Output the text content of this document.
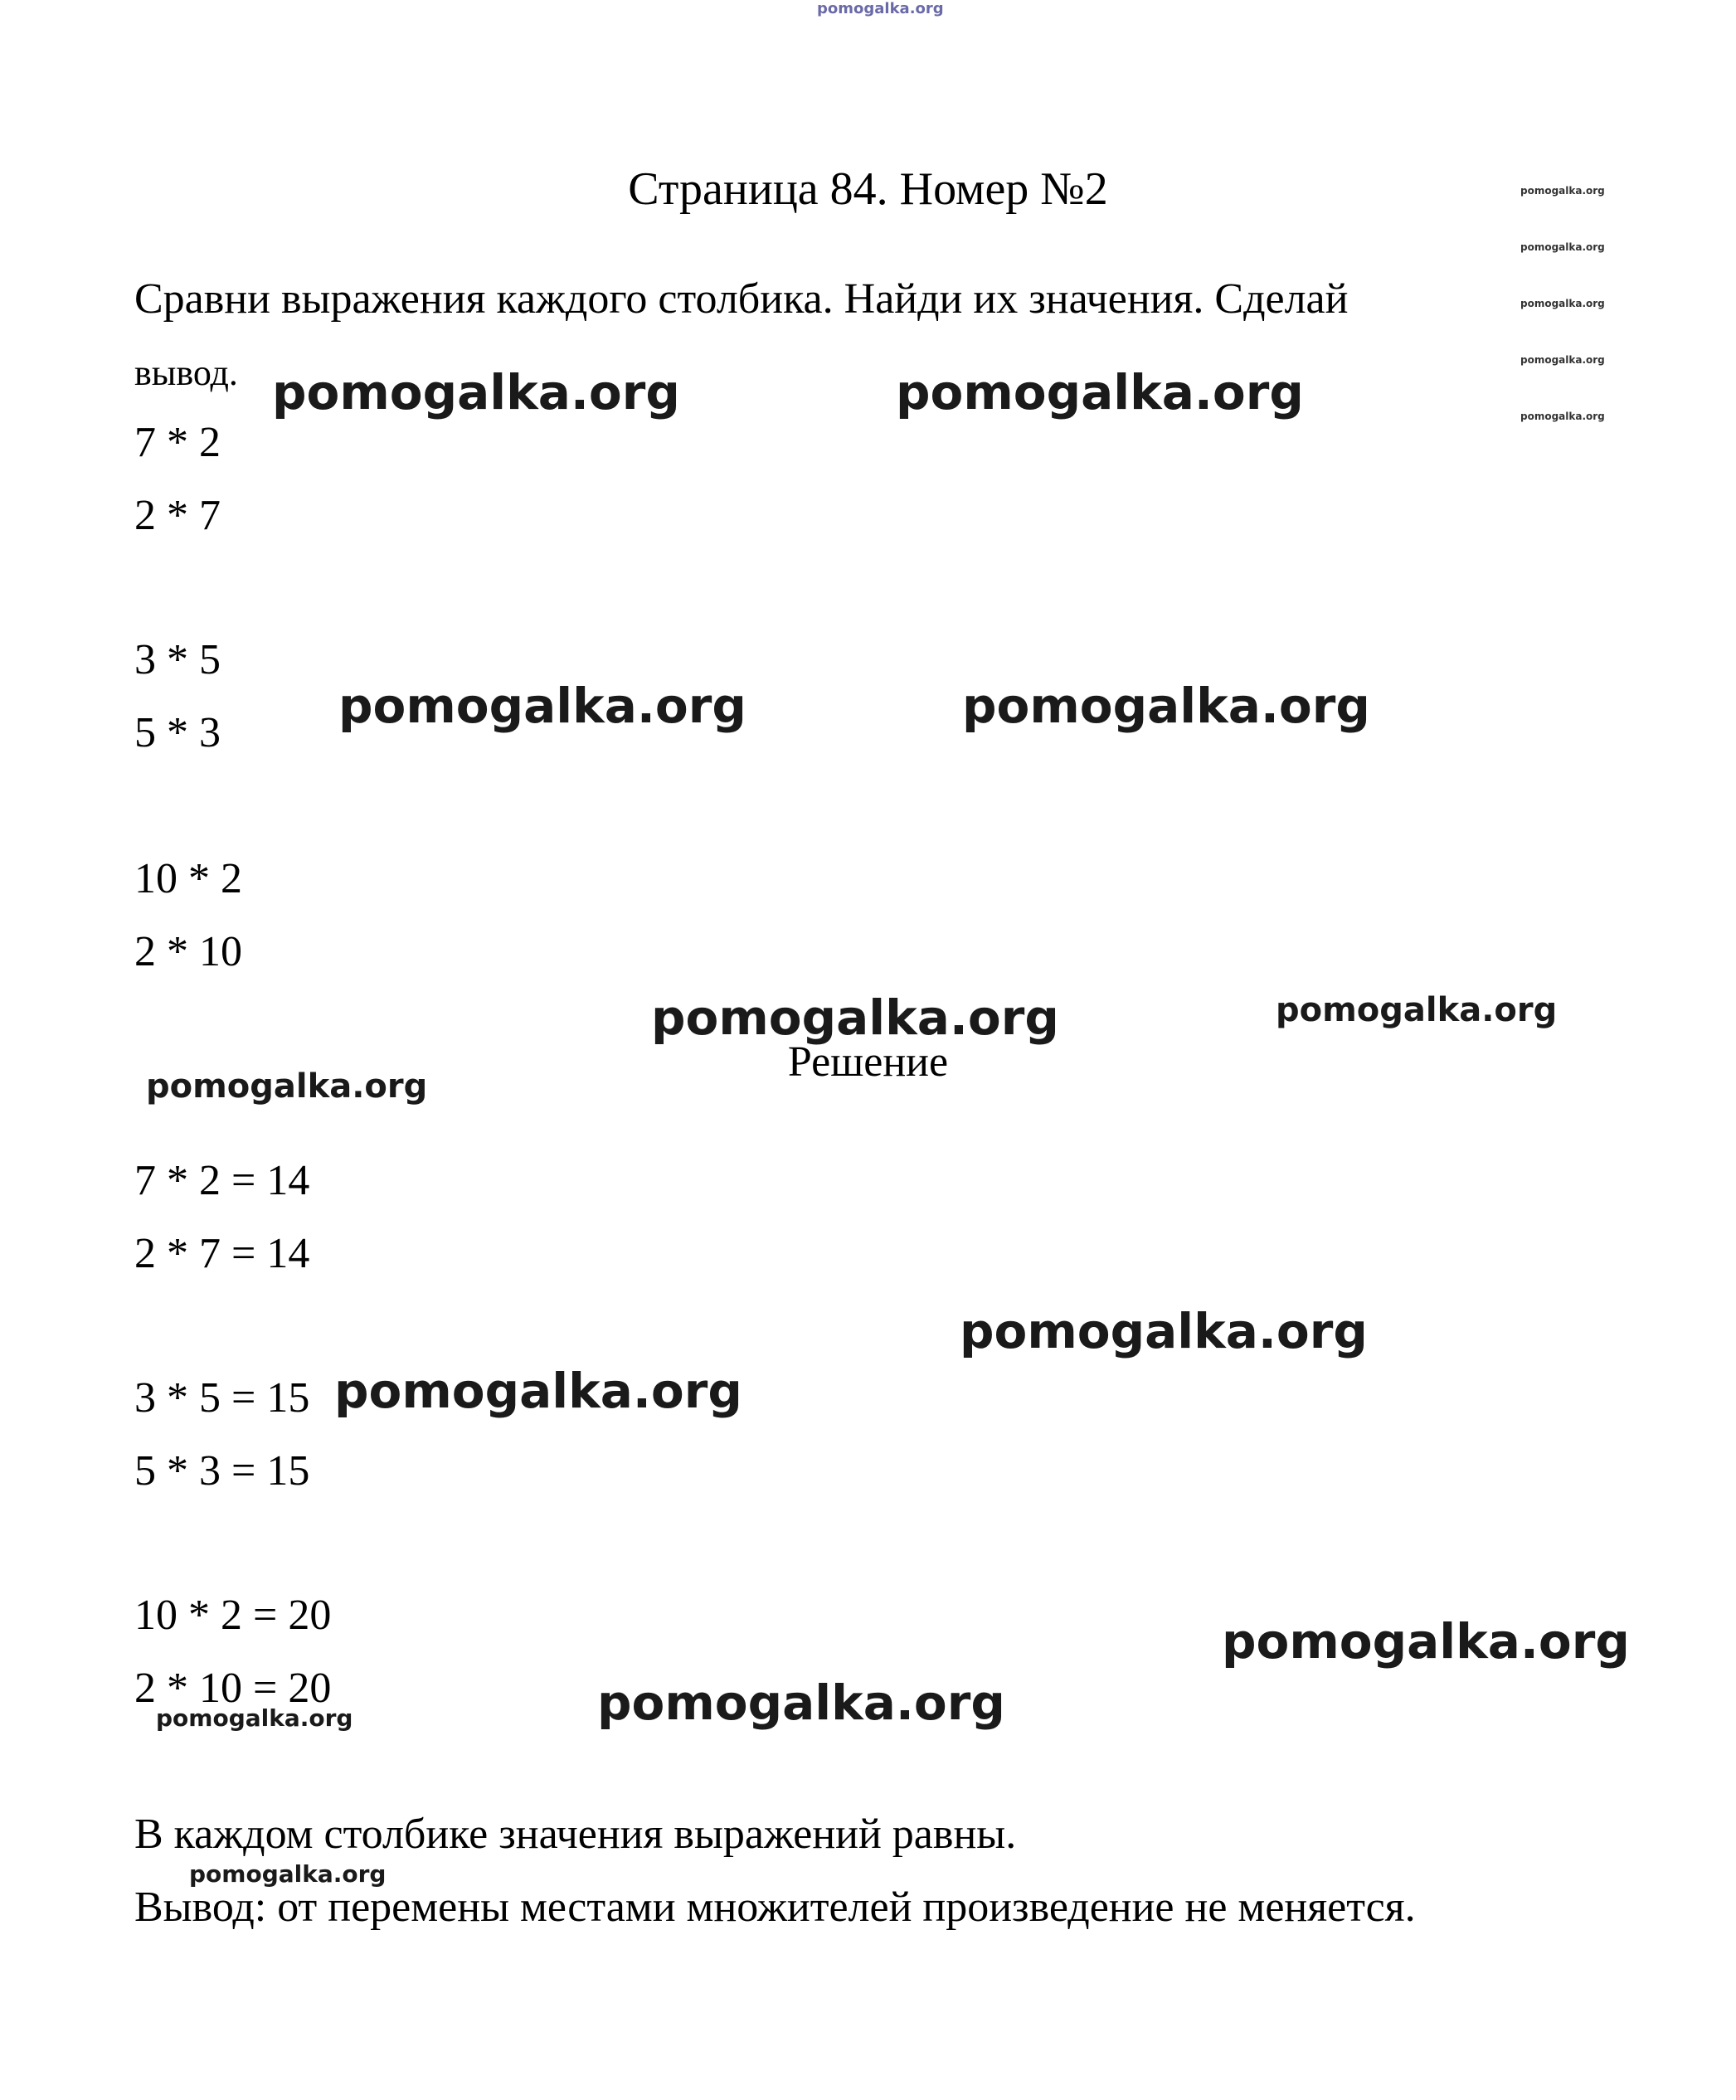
pomogalka.org
Страница 84. Номер №2	pomogalka.org
pomogalka.org
pomogalka.org
pomogalka.org
pomogalka.org
Сравни выражения каждого столбика. Найди их значения. Сделай
вывод. pomogalka.org	pomogalka.org
7 * 2
2 * 7
3 * 5
5 * 3 pomogalka.org	pomogalka.org
10 * 2
2 * 10
pomogalka.org	pomogalka.org
pomogalka.org
Решение
7 * 2 = 14
2 * 7 = 14
pomogalka.org
3 * 5 = 15 pomogalka.org
5 * 3 = 15
10 * 2 = 20	pomogalka.org
2 * 10 = 20
pomogalka.org	pomogalka.org
В каждом столбике значения выражений равны.
pomogalka.org
Вывод: от перемены местами множителей произведение не меняется.
